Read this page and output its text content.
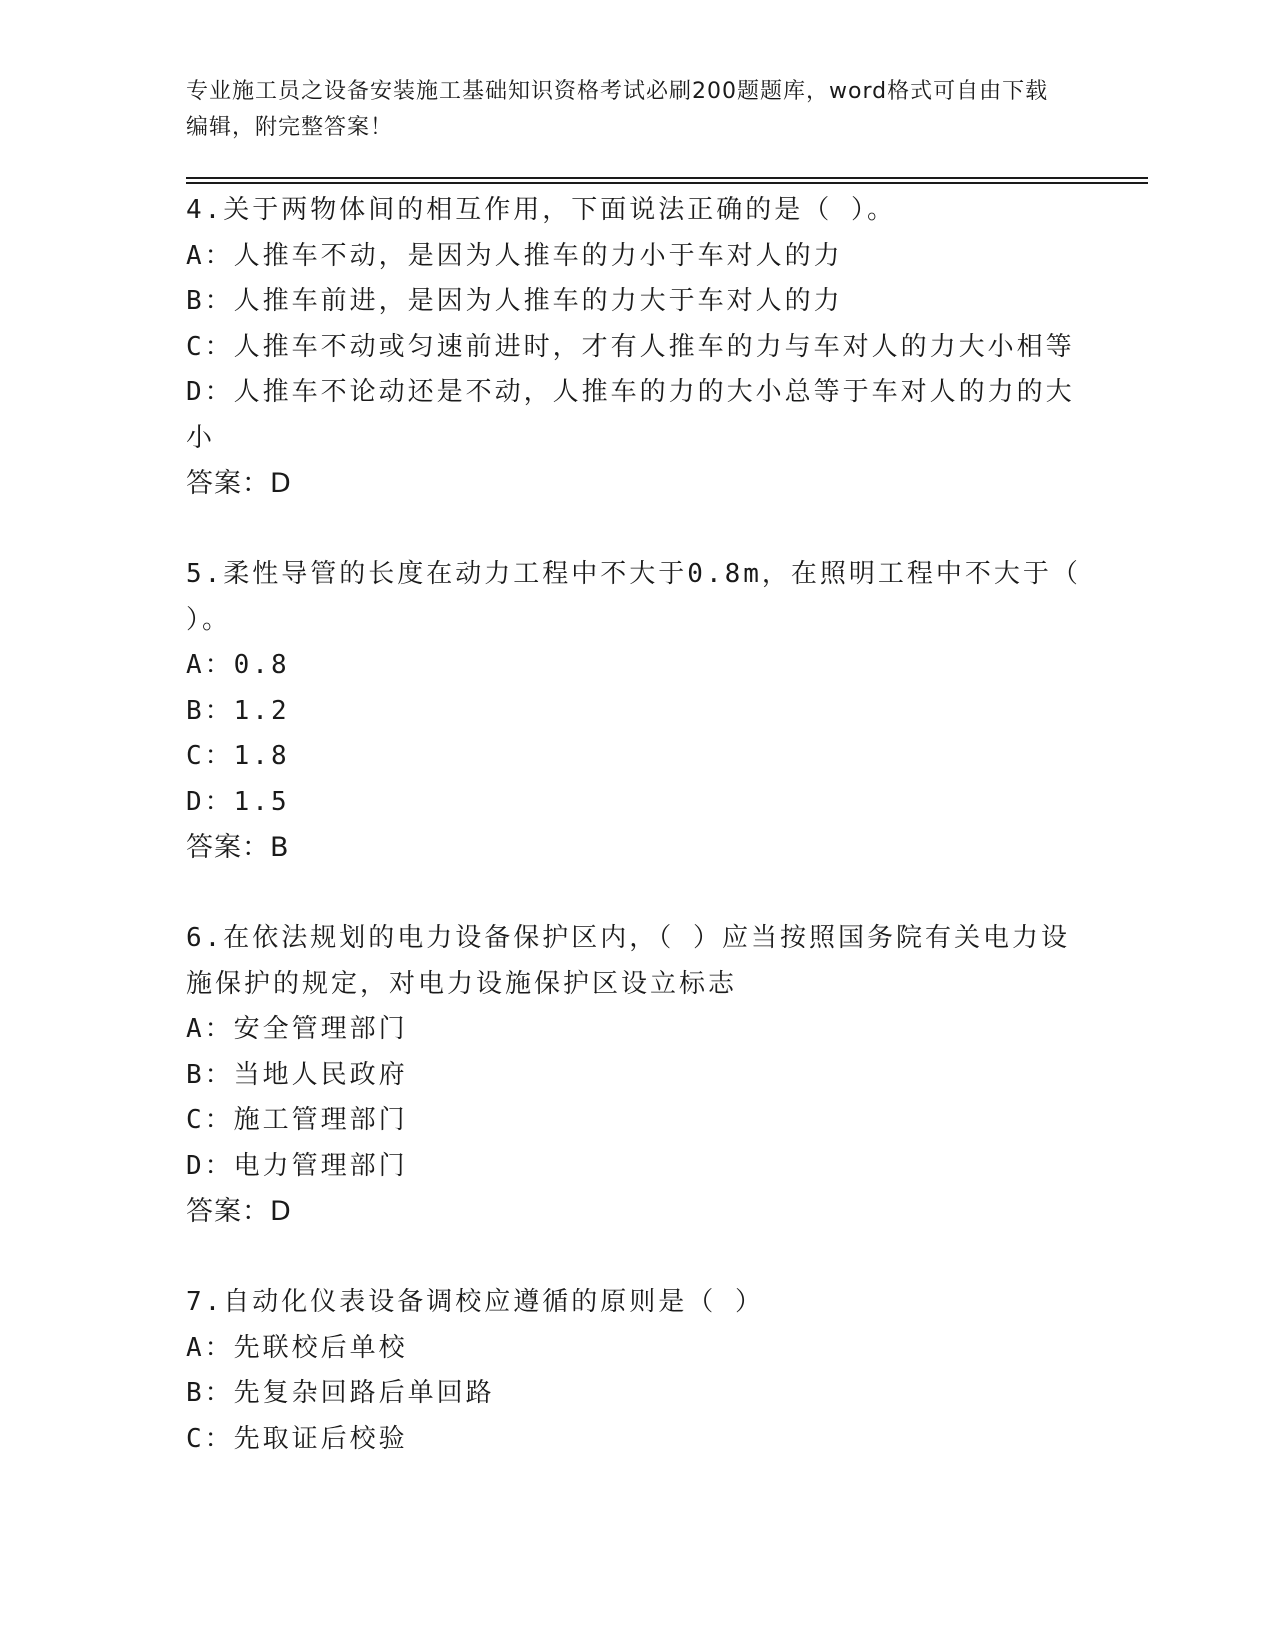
专业施工员之设备安装施工基础知识资格考试必刷200题题库，word格式可自由下载编辑，附完整答案！
4.关于两物体间的相互作用，下面说法正确的是（ ）。
A：人推车不动，是因为人推车的力小于车对人的力
B：人推车前进，是因为人推车的力大于车对人的力
C：人推车不动或匀速前进时，才有人推车的力与车对人的力大小相等
D：人推车不论动还是不动，人推车的力的大小总等于车对人的力的大小
答案：D
5.柔性导管的长度在动力工程中不大于0.8m，在照明工程中不大于（ ）。
A：0.8
B：1.2
C：1.8
D：1.5
答案：B
6.在依法规划的电力设备保护区内，（ ）应当按照国务院有关电力设施保护的规定，对电力设施保护区设立标志
A：安全管理部门
B：当地人民政府
C：施工管理部门
D：电力管理部门
答案：D
7.自动化仪表设备调校应遵循的原则是（ ）
A：先联校后单校
B：先复杂回路后单回路
C：先取证后校验
